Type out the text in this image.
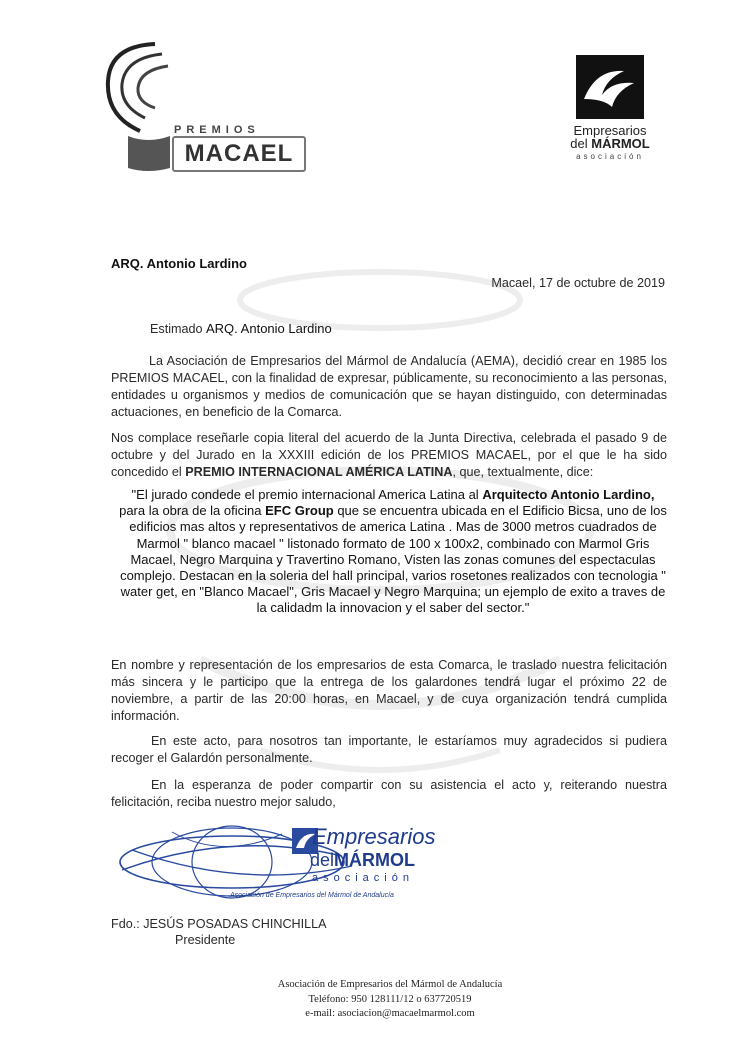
PREMIOS
MACAEL
Empresarios
del MÁRMOL
asociación
ARQ. Antonio Lardino
Macael, 17 de octubre de 2019
Estimado ARQ. Antonio Lardino
La Asociación de Empresarios del Mármol de Andalucía (AEMA), decidió crear en 1985 los PREMIOS MACAEL, con la finalidad de expresar, públicamente, su reconocimiento a las personas, entidades u organismos y medios de comunicación que se hayan distinguido, con determinadas actuaciones, en beneficio de la Comarca.
Nos complace reseñarle copia literal del acuerdo de la Junta Directiva, celebrada el pasado 9 de octubre y del Jurado en la XXXIII edición de los PREMIOS MACAEL, por el que le ha sido concedido el PREMIO INTERNACIONAL AMÉRICA LATINA, que, textualmente, dice:
"El jurado condede el premio internacional America Latina al Arquitecto Antonio Lardino, para la obra de la oficina EFC Group que se encuentra ubicada en el Edificio Bicsa, uno de los edificios mas altos y representativos de america Latina . Mas de 3000 metros cuadrados de Marmol " blanco macael " listonado formato de 100 x 100x2, combinado con Marmol Gris Macael, Negro Marquina y Travertino Romano, Visten las zonas comunes del espectaculas complejo. Destacan en la soleria del hall principal, varios rosetones realizados con tecnologia " water get, en "Blanco Macael", Gris Macael y Negro Marquina; un ejemplo de exito a traves de la calidadm la innovacion y el saber del sector."
En nombre y representación de los empresarios de esta Comarca, le traslado nuestra felicitación más sincera y le participo que la entrega de los galardones tendrá lugar el próximo 22 de noviembre, a partir de las 20:00 horas, en Macael, y de cuya organización tendrá cumplida información.
En este acto, para nosotros tan importante, le estaríamos muy agradecidos si pudiera recoger el Galardón personalmente.
En la esperanza de poder compartir con su asistencia el acto y, reiterando nuestra felicitación, reciba nuestro mejor saludo,
Empresarios
delMÁRMOL
asociación
Asociación de Empresarios del Mármol de Andalucía
Fdo.: JESÚS POSADAS CHINCHILLA
Presidente
Asociación de Empresarios del Mármol de Andalucía
Teléfono: 950 128111/12 o 637720519
e-mail: asociacion@macaelmarmol.com
